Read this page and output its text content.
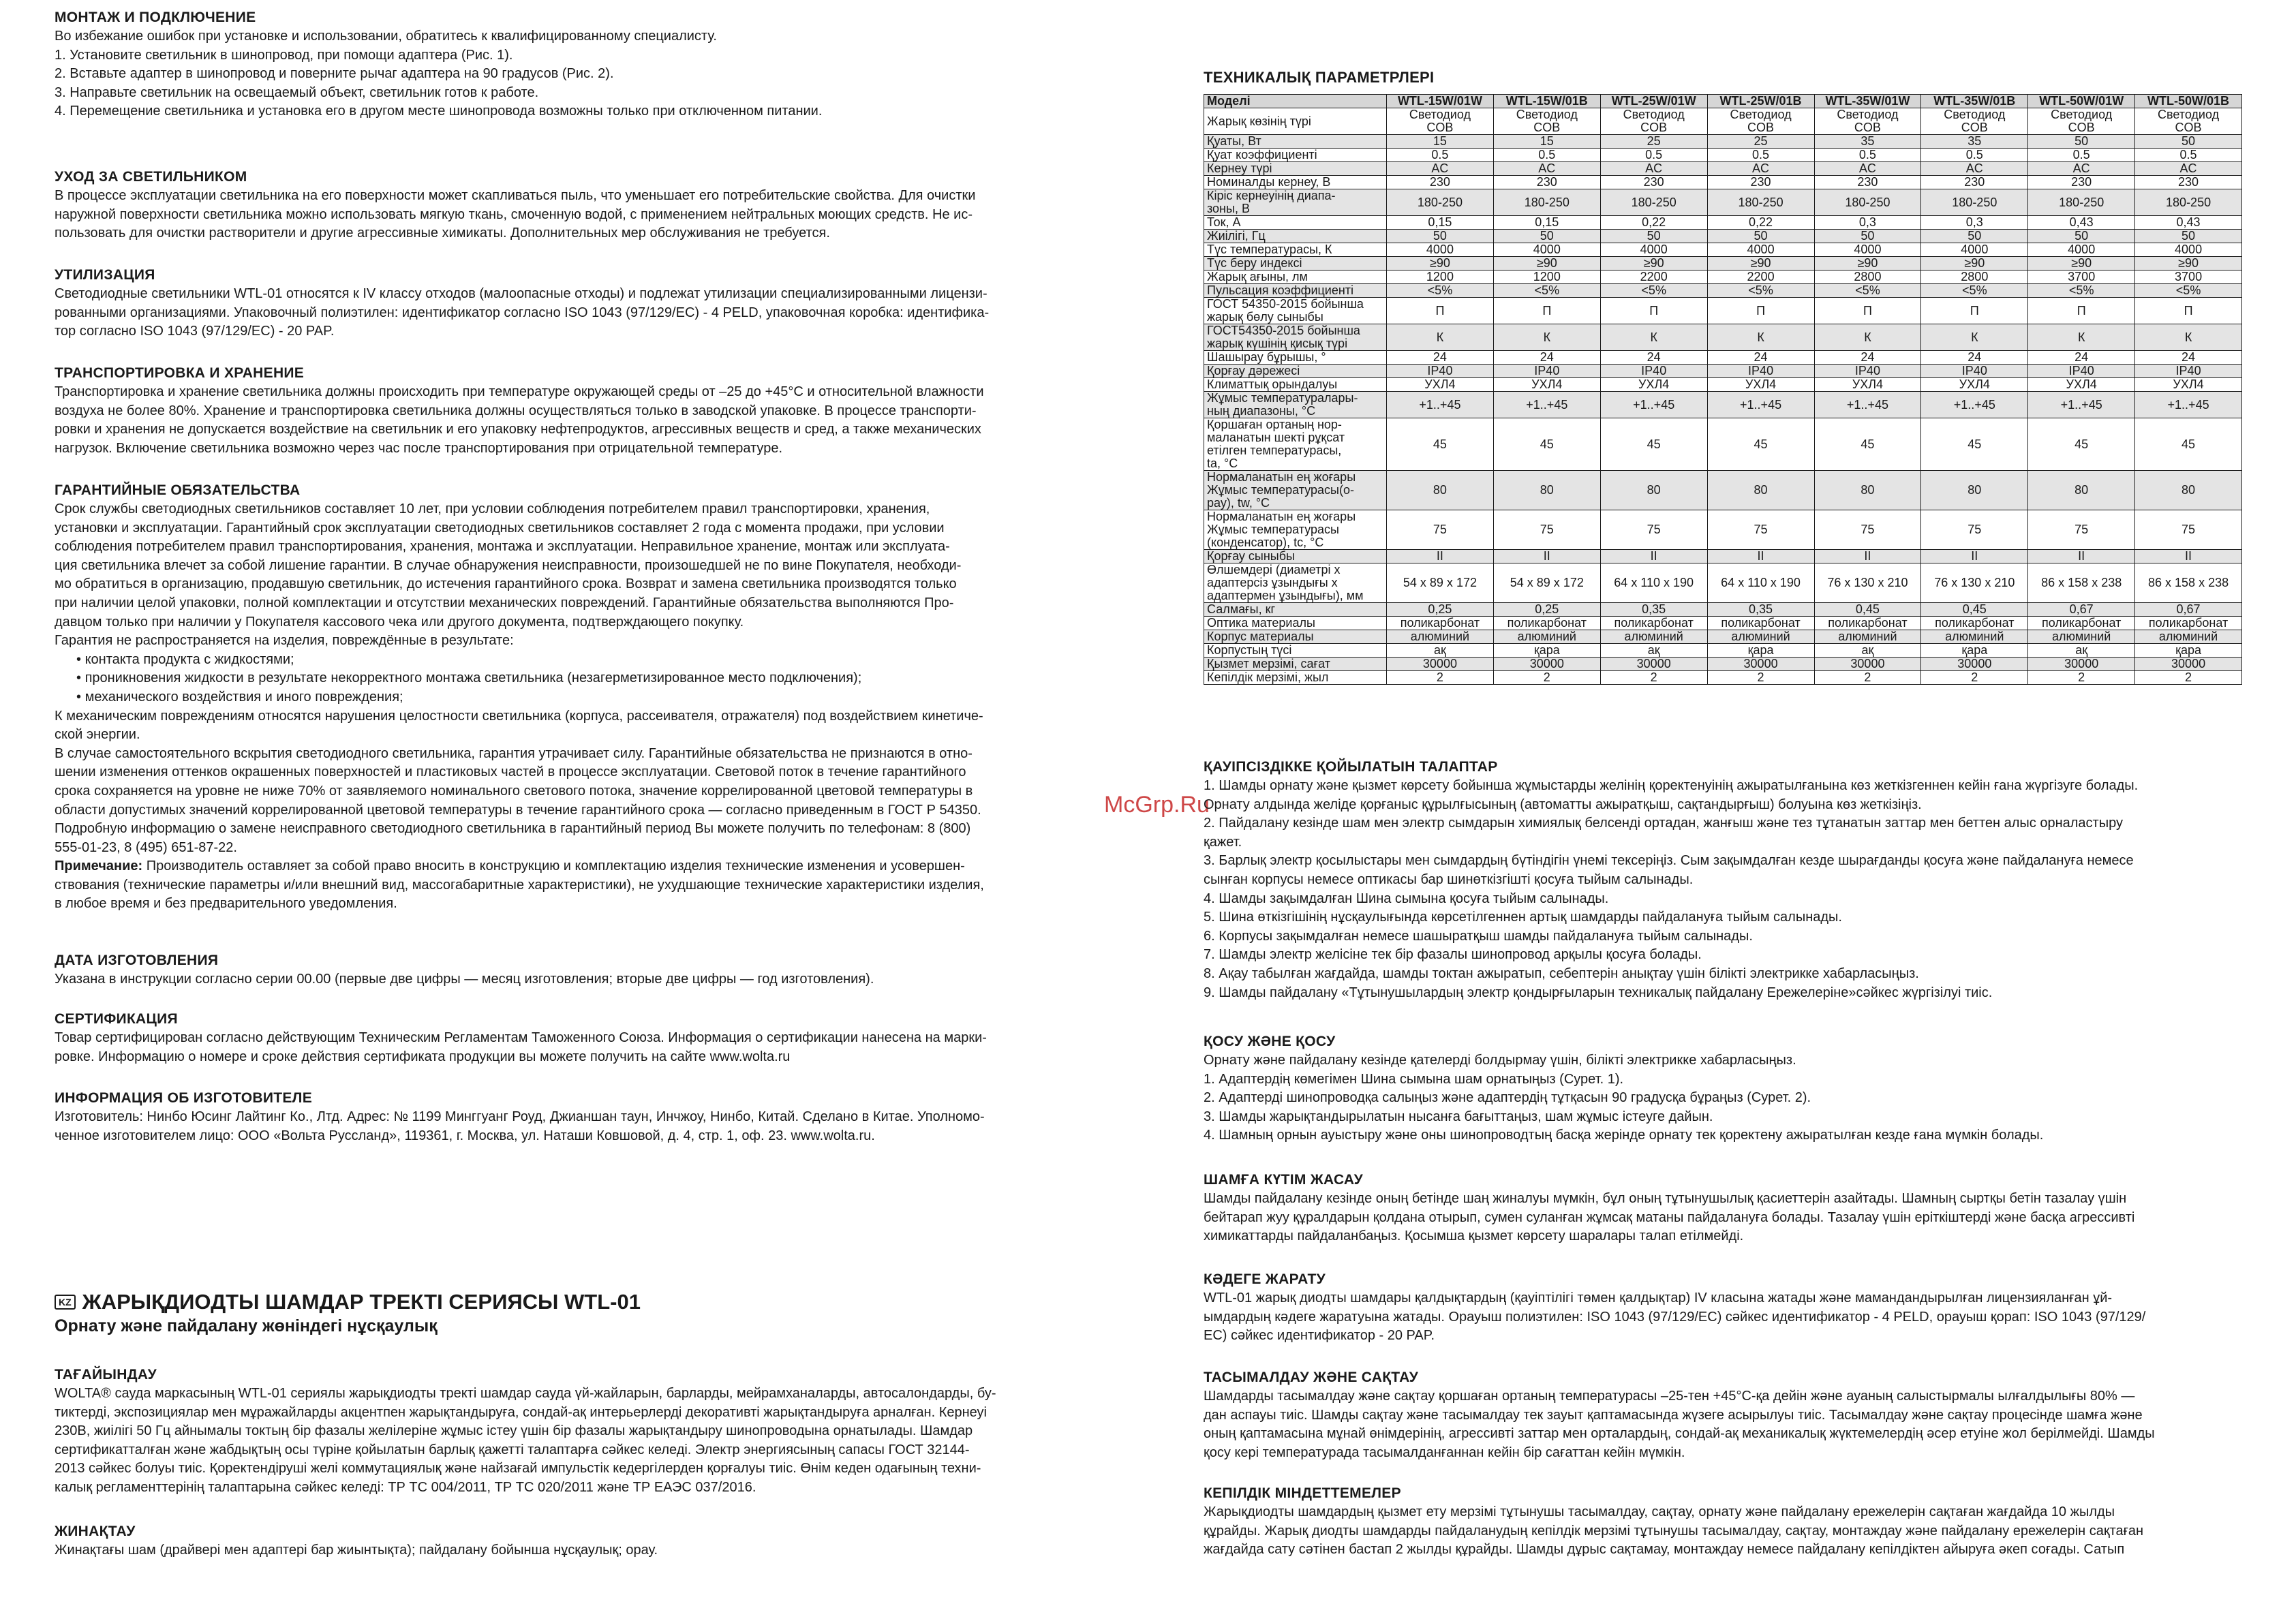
МОНТАЖ И ПОДКЛЮЧЕНИЕ
Во избежание ошибок при установке и использовании, обратитесь к квалифицированному специалисту.
1. Установите светильник в шинопровод, при помощи адаптера (Рис. 1).
2. Вставьте адаптер в шинопровод и поверните рычаг адаптера на 90 градусов (Рис. 2).
3. Направьте светильник на освещаемый объект, светильник готов к работе.
4. Перемещение светильника и установка его в другом месте шинопровода возможны только при отключенном питании.
УХОД ЗА СВЕТИЛЬНИКОМ
В процессе эксплуатации светильника на его поверхности может скапливаться пыль, что уменьшает его потребительские свойства. Для очистки
наружной поверхности светильника можно использовать мягкую ткань, смоченную водой, с применением нейтральных моющих средств. Не ис-
пользовать для очистки растворители и другие агрессивные химикаты. Дополнительных мер обслуживания не требуется.
УТИЛИЗАЦИЯ
Светодиодные светильники WTL-01 относятся к IV классу отходов (малоопасные отходы) и подлежат утилизации специализированными лицензи-
рованными организациями. Упаковочный полиэтилен: идентификатор согласно ISO 1043 (97/129/EC) - 4 PELD, упаковочная коробка: идентифика-
тор согласно ISO 1043 (97/129/EC) - 20 PAP.
ТРАНСПОРТИРОВКА И ХРАНЕНИЕ
Транспортировка и хранение светильника должны происходить при температуре окружающей среды от –25 до +45°С и относительной влажности
воздуха не более 80%. Хранение и транспортировка светильника должны осуществляться только в заводской упаковке. В процессе транспорти-
ровки и хранения не допускается воздействие на светильник и его упаковку нефтепродуктов, агрессивных веществ и сред, а также механических
нагрузок. Включение светильника возможно через час после транспортирования при отрицательной температуре.
ГАРАНТИЙНЫЕ ОБЯЗАТЕЛЬСТВА
Срок службы светодиодных светильников составляет 10 лет, при условии соблюдения потребителем правил транспортировки, хранения,
установки и эксплуатации. Гарантийный срок эксплуатации светодиодных светильников составляет 2 года с момента продажи, при условии
соблюдения потребителем правил транспортирования, хранения, монтажа и эксплуатации. Неправильное хранение, монтаж или эксплуата-
ция светильника влечет за собой лишение гарантии. В случае обнаружения неисправности, произошедшей не по вине Покупателя, необходи-
мо обратиться в организацию, продавшую светильник, до истечения гарантийного срока. Возврат и замена светильника производятся только
при наличии целой упаковки, полной комплектации и отсутствии механических повреждений. Гарантийные обязательства выполняются Про-
давцом только при наличии у Покупателя кассового чека или другого документа, подтверждающего покупку.
Гарантия не распространяется на изделия, повреждённые в результате:
• контакта продукта с жидкостями;
• проникновения жидкости в результате некорректного монтажа светильника (незагерметизированное место подключения);
• механического воздействия и иного повреждения;
К механическим повреждениям относятся нарушения целостности светильника (корпуса, рассеивателя, отражателя) под воздействием кинетиче-
ской энергии.
В случае самостоятельного вскрытия светодиодного светильника, гарантия утрачивает силу. Гарантийные обязательства не признаются в отно-
шении изменения оттенков окрашенных поверхностей и пластиковых частей в процессе эксплуатации. Световой поток в течение гарантийного
срока сохраняется на уровне не ниже 70% от заявляемого номинального светового потока, значение коррелированной цветовой температуры в
области допустимых значений коррелированной цветовой температуры в течение гарантийного срока — согласно приведенным в ГОСТ Р 54350.
Подробную информацию о замене неисправного светодиодного светильника в гарантийный период Вы можете получить по телефонам: 8 (800)
555-01-23, 8 (495) 651-87-22.
Примечание: Производитель оставляет за собой право вносить в конструкцию и комплектацию изделия технические изменения и усовершен-
ствования (технические параметры и/или внешний вид, массогабаритные характеристики), не ухудшающие технические характеристики изделия,
в любое время и без предварительного уведомления.
ДАТА ИЗГОТОВЛЕНИЯ
Указана в инструкции согласно серии 00.00 (первые две цифры — месяц изготовления; вторые две цифры — год изготовления).
СЕРТИФИКАЦИЯ
Товар сертифицирован согласно действующим Техническим Регламентам Таможенного Союза. Информация о сертификации нанесена на марки-
ровке. Информацию о номере и сроке действия сертификата продукции вы можете получить на сайте www.wolta.ru
ИНФОРМАЦИЯ ОБ ИЗГОТОВИТЕЛЕ
Изготовитель: Нинбо Юсинг Лайтинг Ко., Лтд. Адрес: № 1199 Минггуанг Роуд, Джианшан таун, Инчжоу, Нинбо, Китай. Сделано в Китае. Уполномо-
ченное изготовителем лицо: ООО «Вольта Руссланд», 119361, г. Москва, ул. Наташи Ковшовой, д. 4, стр. 1, оф. 23. www.wolta.ru.
KZ ЖАРЫҚДИОДТЫ ШАМДАР ТРЕКТІ СЕРИЯСЫ WTL-01
Орнату және пайдалану жөніндегі нұсқаулық
ТАҒАЙЫНДАУ
WOLTA® сауда маркасының WTL-01 сериялы жарықдиодты тректі шамдар сауда үй-жайларын, барларды, мейрамханаларды, автосалондарды, бу-
тиктерді, экспозициялар мен мұражайларды акцентпен жарықтандыруға, сондай-ақ интерьерлерді декоративті жарықтандыруға арналған. Кернеуі
230В, жиілігі 50 Гц айнымалы токтың бір фазалы желілеріне жұмыс істеу үшін бір фазалы жарықтандыру шинопроводына орнатылады. Шамдар
сертификатталған және жабдықтың осы түріне қойылатын барлық қажетті талаптарға сәйкес келеді. Электр энергиясының сапасы ГОСТ 32144-
2013 сәйкес болуы тиіс. Қоректендіруші желі коммутациялық және найзағай импульстік кедергілерден қорғалуы тиіс. Өнім кеден одағының техни-
калық регламенттерінің талаптарына сәйкес келеді: ТР ТС 004/2011, ТР ТС 020/2011 және ТР ЕАЭС 037/2016.
ЖИНАҚТАУ
Жинақтағы шам (драйвері мен адаптері бар жиынтықта); пайдалану бойынша нұсқаулық; орау.
McGrp.Ru
ТЕХНИКАЛЫҚ ПАРАМЕТРЛЕРІ
Моделі	WTL-15W/01W	WTL-15W/01B	WTL-25W/01W	WTL-25W/01B	WTL-35W/01W	WTL-35W/01B	WTL-50W/01W	WTL-50W/01B

Жарық көзінің түрі	Светодиод
COB	Светодиод
COB	Светодиод
COB	Светодиод
COB	Светодиод
COB	Светодиод
COB	Светодиод
COB	Светодиод
COB

Қуаты, Вт	15	15	25	25	35	35	50	50

Қуат коэффициенті	0.5	0.5	0.5	0.5	0.5	0.5	0.5	0.5

Кернеу түрі	AC	AC	AC	AC	AC	AC	AC	AC

Номиналды кернеу, В	230	230	230	230	230	230	230	230

Кіріс кернеуінің диапа-
зоны, В	180-250	180-250	180-250	180-250	180-250	180-250	180-250	180-250

Ток, А	0,15	0,15	0,22	0,22	0,3	0,3	0,43	0,43

Жиілігі, Гц	50	50	50	50	50	50	50	50

Түс температурасы, К	4000	4000	4000	4000	4000	4000	4000	4000

Түс беру индексі	≥90	≥90	≥90	≥90	≥90	≥90	≥90	≥90

Жарық ағыны, лм	1200	1200	2200	2200	2800	2800	3700	3700

Пульсация коэффициенті	<5%	<5%	<5%	<5%	<5%	<5%	<5%	<5%

ГОСТ 54350-2015 бойынша
жарық бөлу сыныбы	П	П	П	П	П	П	П	П

ГОСТ54350-2015 бойынша
жарық күшінің қисық түрі	К	К	К	К	К	К	К	К

Шашырау бұрышы, °	24	24	24	24	24	24	24	24

Қорғау дәрежесі	IP40	IP40	IP40	IP40	IP40	IP40	IP40	IP40

Климаттық орындалуы	УХЛ4	УХЛ4	УХЛ4	УХЛ4	УХЛ4	УХЛ4	УХЛ4	УХЛ4

Жұмыс температуралары-
ның диапазоны, °С	+1..+45	+1..+45	+1..+45	+1..+45	+1..+45	+1..+45	+1..+45	+1..+45

Қоршаған ортаның нор-
маланатын шекті рұқсат
етілген температурасы,
ta, °С	45	45	45	45	45	45	45	45

Нормаланатын ең жоғары
Жұмыс температурасы(о-
рау), tw, °С	80	80	80	80	80	80	80	80

Нормаланатын ең жоғары
Жұмыс температурасы
(конденсатор), tc, °С	75	75	75	75	75	75	75	75

Қорғау сыныбы	II	II	II	II	II	II	II	II

Өлшемдері (диаметрі х
адаптерсіз ұзындығы х
адаптермен ұзындығы), мм	54 x 89 x 172	54 x 89 x 172	64 x 110 x 190	64 x 110 x 190	76 x 130 x 210	76 x 130 x 210	86 x 158 x 238	86 x 158 x 238

Салмағы, кг	0,25	0,25	0,35	0,35	0,45	0,45	0,67	0,67

Оптика материалы	поликарбонат	поликарбонат	поликарбонат	поликарбонат	поликарбонат	поликарбонат	поликарбонат	поликарбонат

Корпус материалы	алюминий	алюминий	алюминий	алюминий	алюминий	алюминий	алюминий	алюминий

Корпустың түсі	ақ	қара	ақ	қара	ақ	қара	ақ	қара

Қызмет мерзімі, сағат	30000	30000	30000	30000	30000	30000	30000	30000

Кепілдік мерзімі, жыл	2	2	2	2	2	2	2	2
ҚАУІПСІЗДІККЕ ҚОЙЫЛАТЫН ТАЛАПТАР
1. Шамды орнату және қызмет көрсету бойынша жұмыстарды желінің қоректенуінің ажыратылғанына көз жеткізгеннен кейін ғана жүргізуге болады.
Орнату алдында желіде қорғаныс құрылғысының (автоматты ажыратқыш, сақтандырғыш) болуына көз жеткізіңіз.
2. Пайдалану кезінде шам мен электр сымдарын химиялық белсенді ортадан, жанғыш және тез тұтанатын заттар мен беттен алыс орналастыру
қажет.
3. Барлық электр қосылыстары мен сымдардың бүтіндігін үнемі тексеріңіз. Сым зақымдалған кезде шырағданды қосуға және пайдалануға немесе
сынған корпусы немесе оптикасы бар шинөткізгішті қосуға тыйым салынады.
4. Шамды зақымдалған Шина сымына қосуға тыйым салынады.
5. Шина өткізгішінің нұсқаулығында көрсетілгеннен артық шамдарды пайдалануға тыйым салынады.
6. Корпусы зақымдалған немесе шашыратқыш шамды пайдалануға тыйым салынады.
7. Шамды электр желісіне тек бір фазалы шинопровод арқылы қосуға болады.
8. Ақау табылған жағдайда, шамды токтан ажыратып, себептерін анықтау үшін білікті электрикке хабарласыңыз.
9. Шамды пайдалану «Тұтынушылардың электр қондырғыларын техникалық пайдалану Ережелеріне»сәйкес жүргізілуі тиіс.
ҚОСУ ЖӘНЕ ҚОСУ
Орнату және пайдалану кезінде қателерді болдырмау үшін, білікті электрикке хабарласыңыз.
1. Адаптердің көмегімен Шина сымына шам орнатыңыз (Сурет. 1).
2. Адаптерді шинопроводқа салыңыз және адаптердің тұтқасын 90 градусқа бұраңыз (Сурет. 2).
3. Шамды жарықтандырылатын нысанға бағыттаңыз, шам жұмыс істеуге дайын.
4. Шамның орнын ауыстыру және оны шинопроводтың басқа жерінде орнату тек қоректену ажыратылған кезде ғана мүмкін болады.
ШАМҒА КҮТІМ ЖАСАУ
Шамды пайдалану кезінде оның бетінде шаң жиналуы мүмкін, бұл оның тұтынушылық қасиеттерін азайтады. Шамның сыртқы бетін тазалау үшін
бейтарап жуу құралдарын қолдана отырып, сумен суланған жұмсақ матаны пайдалануға болады. Тазалау үшін еріткіштерді және басқа агрессивті
химикаттарды пайдаланбаңыз. Қосымша қызмет көрсету шаралары талап етілмейді.
КӘДЕГЕ ЖАРАТУ
WTL-01 жарық диодты шамдары қалдықтардың (қауіптілігі төмен қалдықтар) IV класына жатады және мамандандырылған лицензияланған ұй-
ымдардың кәдеге жаратуына жатады. Орауыш полиэтилен: ISO 1043 (97/129/EC) сәйкес идентификатор - 4 PELD, орауыш қорап: ISO 1043 (97/129/
EC) сәйкес идентификатор - 20 PAP.
ТАСЫМАЛДАУ ЖӘНЕ САҚТАУ
Шамдарды тасымалдау және сақтау қоршаған ортаның температурасы –25-тен +45°С-қа дейін және ауаның салыстырмалы ылғалдылығы 80% —
дан аспауы тиіс. Шамды сақтау және тасымалдау тек зауыт қаптамасында жүзеге асырылуы тиіс. Тасымалдау және сақтау процесінде шамға және
оның қаптамасына мұнай өнімдерінің, агрессивті заттар мен орталардың, сондай-ақ механикалық жүктемелердің әсер етуіне жол берілмейді. Шамды
қосу кері температурада тасымалданғаннан кейін бір сағаттан кейін мүмкін.
КЕПІЛДІК МІНДЕТТЕМЕЛЕР
Жарықдиодты шамдардың қызмет ету мерзімі тұтынушы тасымалдау, сақтау, орнату және пайдалану ережелерін сақтаған жағдайда 10 жылды
құрайды. Жарық диодты шамдарды пайдаланудың кепілдік мерзімі тұтынушы тасымалдау, сақтау, монтаждау және пайдалану ережелерін сақтаған
жағдайда сату сәтінен бастап 2 жылды құрайды. Шамды дұрыс сақтамау, монтаждау немесе пайдалану кепілдіктен айыруға әкеп соғады. Сатып
